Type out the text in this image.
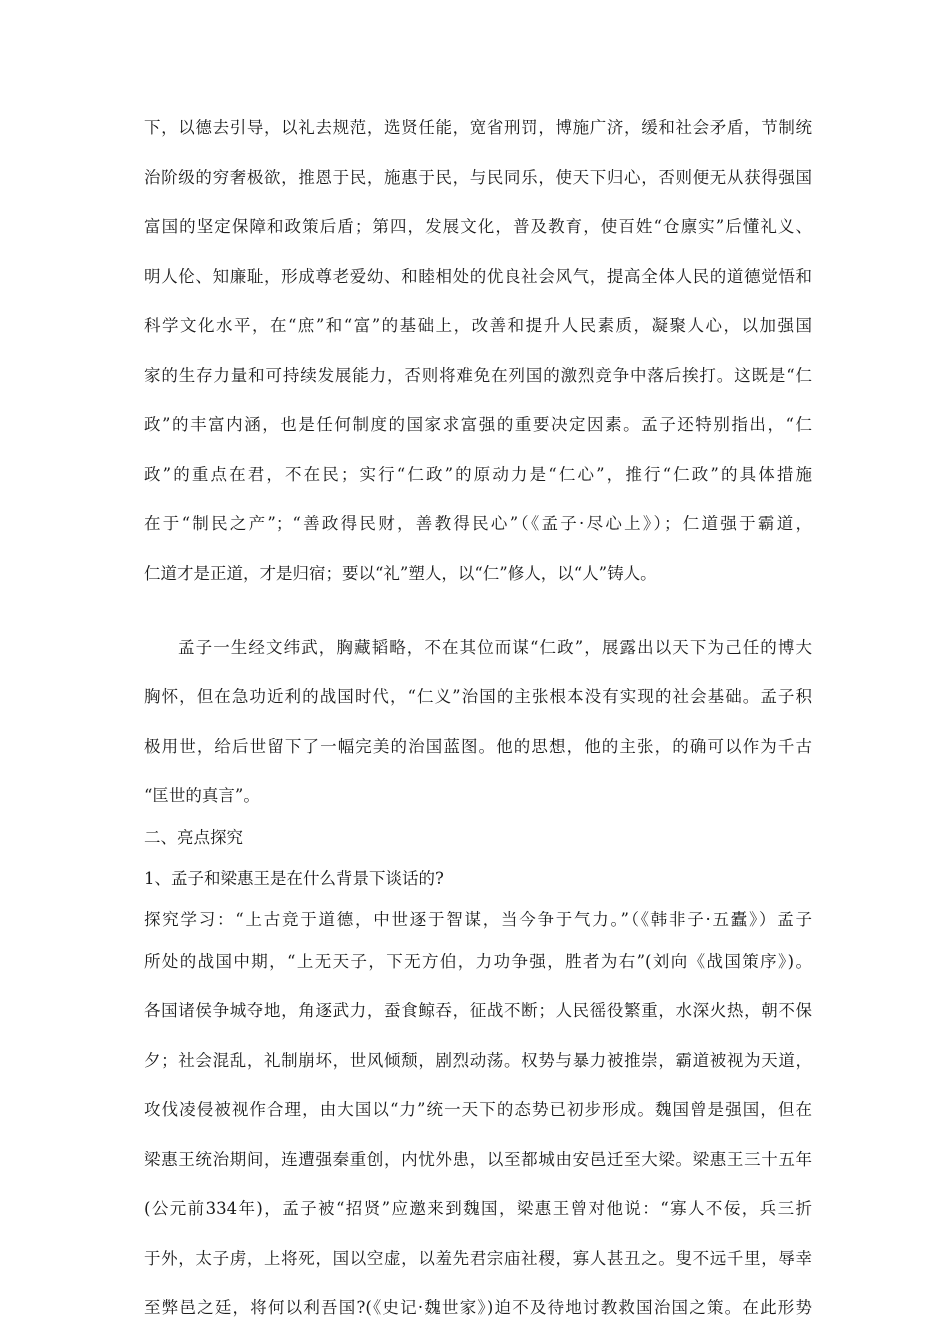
下，以德去引导，以礼去规范，选贤任能，宽省刑罚，博施广济，缓和社会矛盾，节制统
治阶级的穷奢极欲，推恩于民，施惠于民，与民同乐，使天下归心，否则便无从获得强国
富国的坚定保障和政策后盾；第四，发展文化，普及教育，使百姓“仓廪实”后懂礼义、
明人伦、知廉耻，形成尊老爱幼、和睦相处的优良社会风气，提高全体人民的道德觉悟和
科学文化水平，在“庶”和“富”的基础上，改善和提升人民素质，凝聚人心，以加强国
家的生存力量和可持续发展能力，否则将难免在列国的激烈竞争中落后挨打。这既是“仁
政”的丰富内涵，也是任何制度的国家求富强的重要决定因素。孟子还特别指出，“仁
政”的重点在君，不在民；实行“仁政”的原动力是“仁心”，推行“仁政”的具体措施
在于“制民之产”；“善政得民财，善教得民心”（《孟子·尽心上》）；仁道强于霸道，
仁道才是正道，才是归宿；要以“礼”塑人，以“仁”修人，以“人”铸人。
孟子一生经文纬武，胸藏韬略，不在其位而谋“仁政”，展露出以天下为己任的博大
胸怀，但在急功近利的战国时代，“仁义”治国的主张根本没有实现的社会基础。孟子积
极用世，给后世留下了一幅完美的治国蓝图。他的思想，他的主张，的确可以作为千古
“匡世的真言”。
二、亮点探究
1、孟子和梁惠王是在什么背景下谈话的?
探究学习：“上古竞于道德，中世逐于智谋，当今争于气力。”（《韩非子·五蠹》）孟子
所处的战国中期，“上无天子，下无方伯，力功争强，胜者为右”(刘向《战国策序》)。
各国诸侯争城夺地，角逐武力，蚕食鲸吞，征战不断；人民徭役繁重，水深火热，朝不保
夕；社会混乱，礼制崩坏，世风倾颓，剧烈动荡。权势与暴力被推崇，霸道被视为天道，
攻伐凌侵被视作合理，由大国以“力”统一天下的态势已初步形成。魏国曾是强国，但在
梁惠王统治期间，连遭强秦重创，内忧外患，以至都城由安邑迁至大梁。梁惠王三十五年
(公元前334年)，孟子被“招贤”应邀来到魏国，梁惠王曾对他说：“寡人不佞，兵三折
于外，太子虏，上将死，国以空虚，以羞先君宗庙社稷，寡人甚丑之。叟不远千里，辱幸
至弊邑之廷，将何以利吾国?(《史记·魏世家》)迫不及待地讨教救国治国之策。在此形势
